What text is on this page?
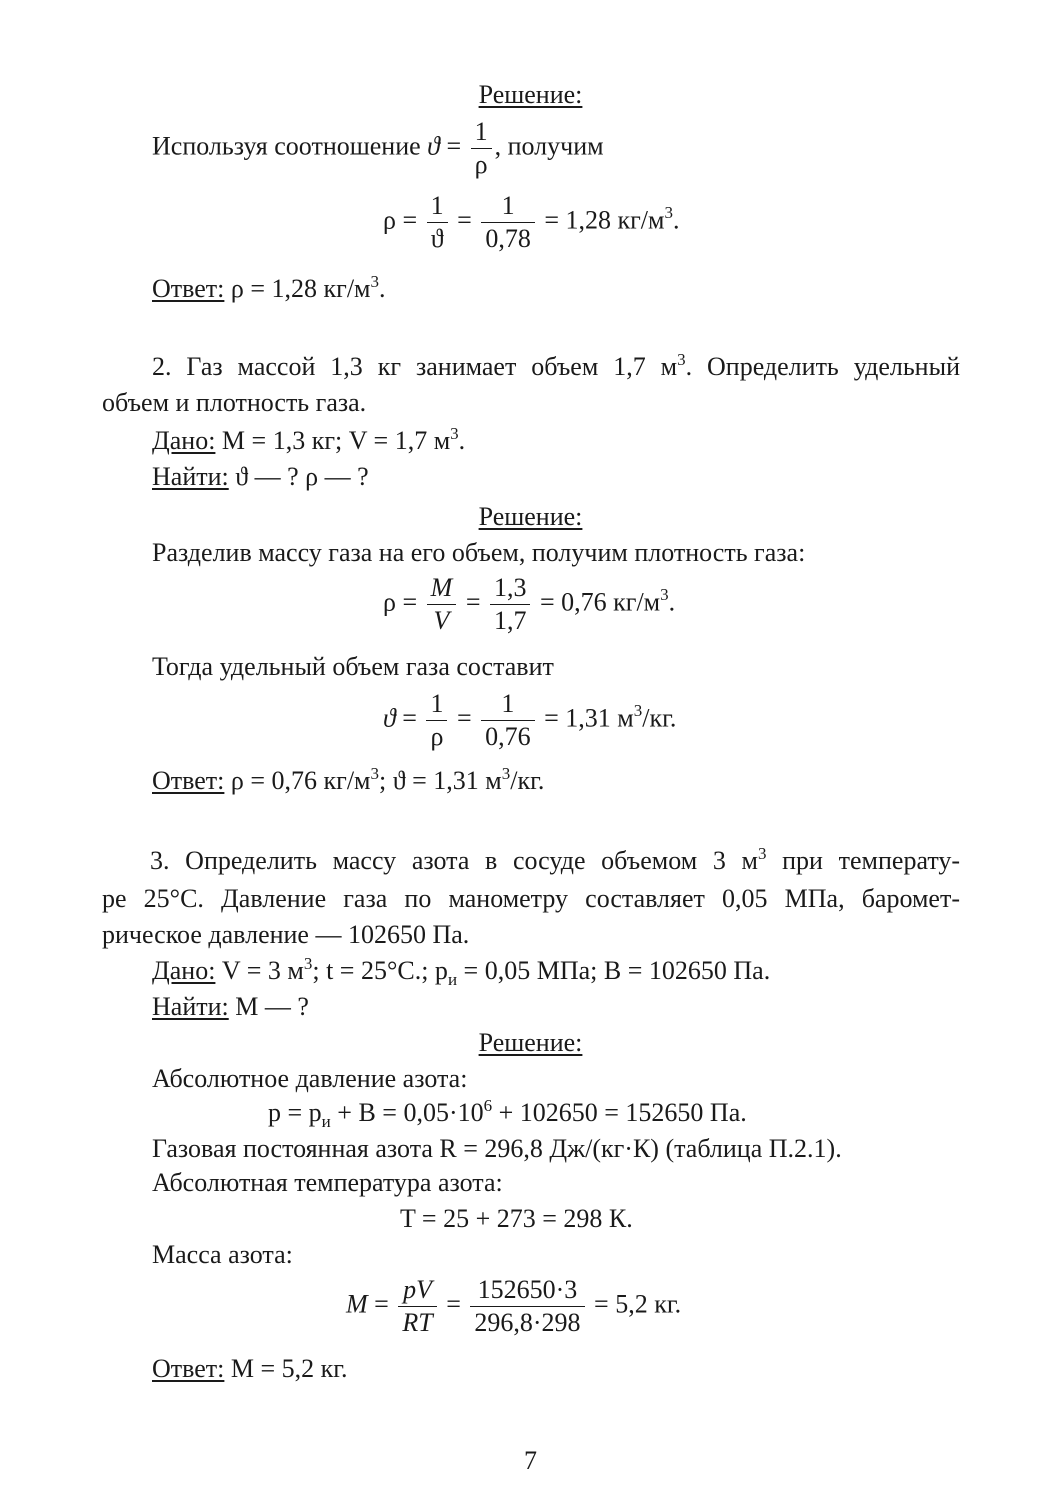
Решение:
Используя соотношение $ϑ = \frac{1}{\rho}$ , получим
$\rho = \frac{1}{ϑ} = \frac{1}{0,78} = 1,28$ $кг/м^3$.
Ответ: ρ = 1,28 $кг/м^3$.
2. Газ массой 1,3 кг занимает объем 1,7 $м^3$. Определить удельный
объем и плотность газа.
Дано: M = 1,3 кг; V = 1,7 $м^3$.
Найти: ϑ — ? ρ — ?
Решение:
Разделив массу газа на его объем, получим плотность газа:
$\rho = \frac{M}{V} = \frac{1,3}{1,7} = 0,76$ $кг/м^3$.
Тогда удельный объем газа составит
$ϑ = \frac{1}{\rho} = \frac{1}{0,76} = 1,31$ $м^3/кг$.
Ответ: ρ = 0,76 $кг/м^3$; ϑ = 1,31 $м^3/кг$.
3. Определить массу азота в сосуде объемом 3 $м^3$ при температу-
ре 25°С. Давление газа по манометру составляет 0,05 МПа, баромет-
рическое давление — 102650 Па.
Дано: V = 3 $м^3$; t = 25°С.; $p_и = 0,05$ МПа; B = 102650 Па.
Найти: M — ?
Решение:
Абсолютное давление азота:
$p = p_и + B = 0,05\cdot 10^6 + 102650 = 152650$ Па.
Газовая постоянная азота R = 296,8 Дж/(кг·К) (таблица П.2.1).
Абсолютная температура азота:
T = 25 + 273 = 298 К.
Масса азота:
$M = \frac{pV}{RT} = \frac{152650\cdot 3}{296,8\cdot 298} = 5,2$ кг.
Ответ: M = 5,2 кг.
7
